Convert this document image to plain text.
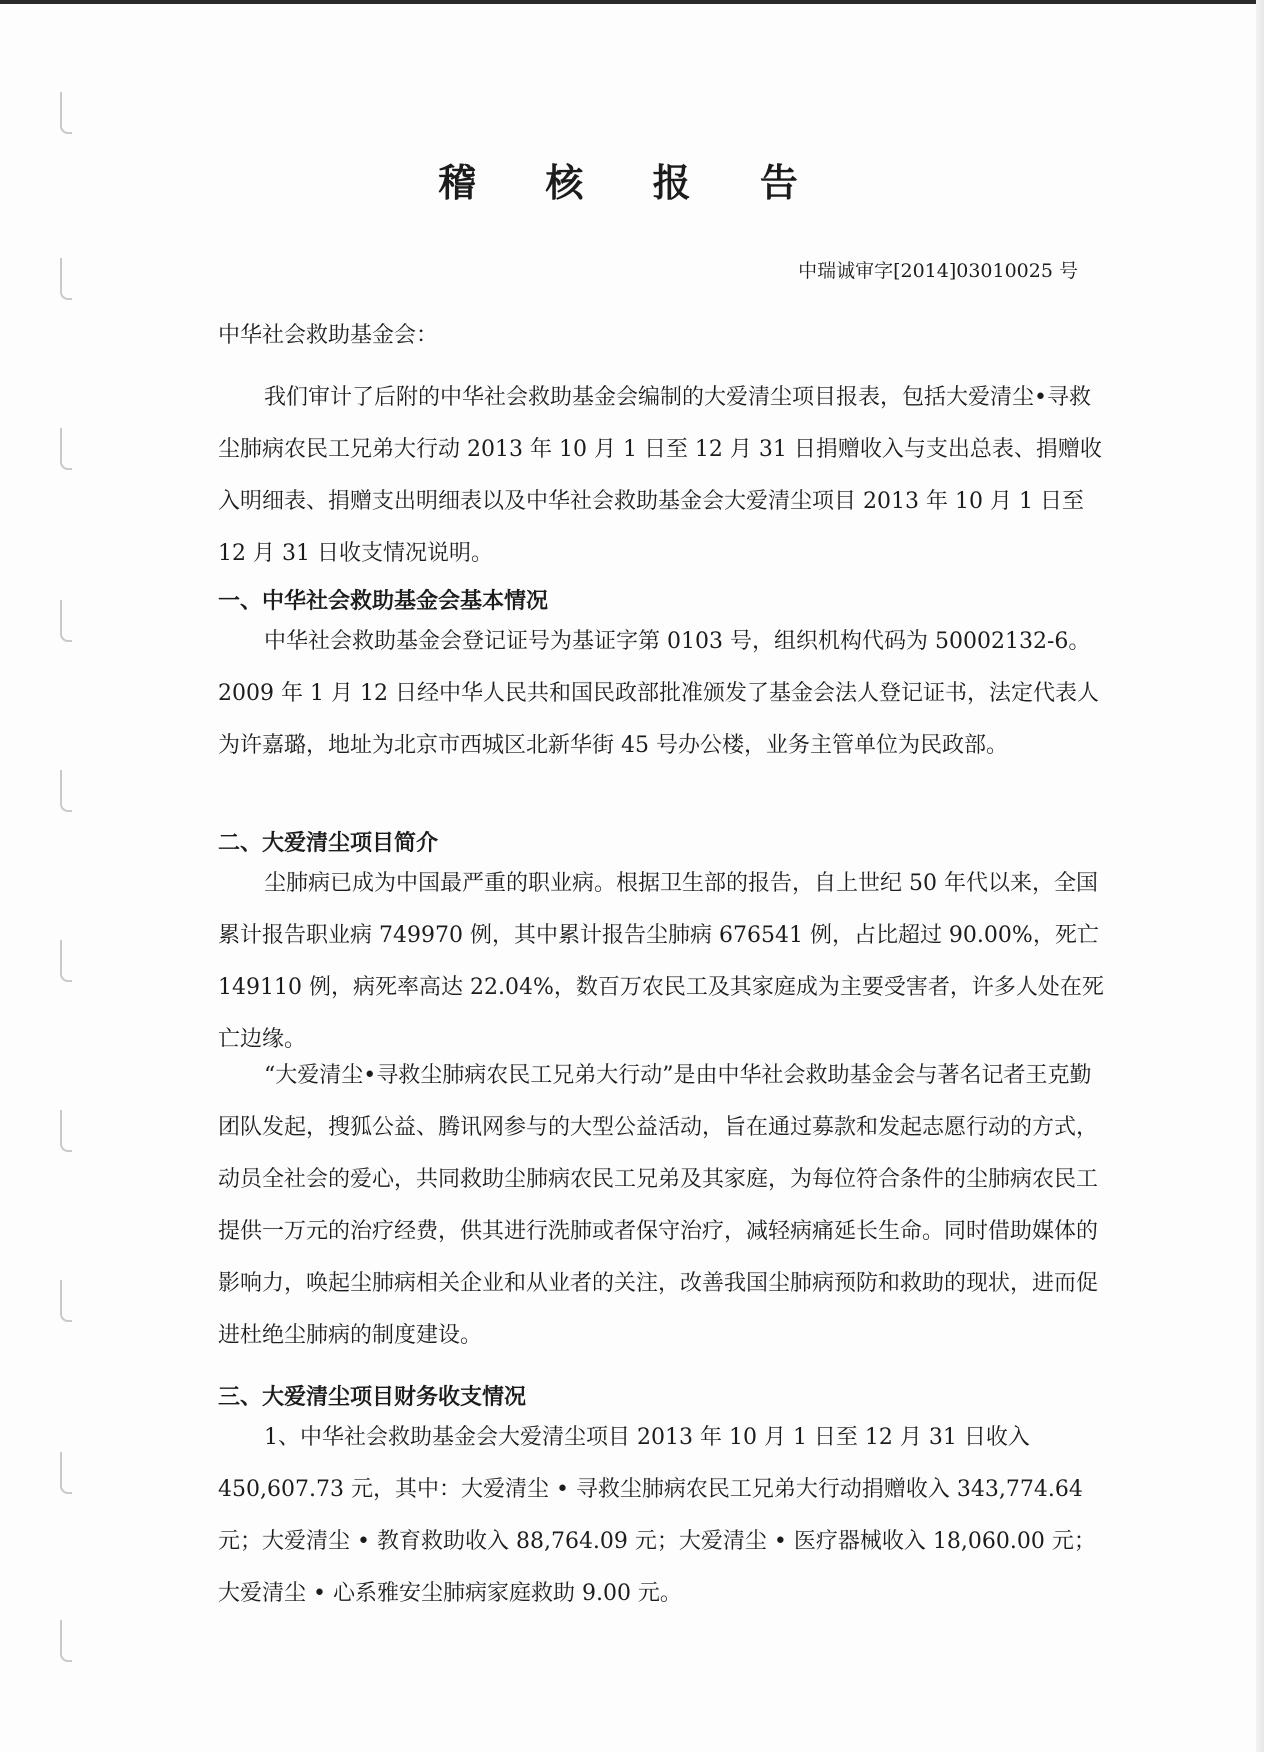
稽 核 报 告
中瑞诚审字[2014]03010025 号
中华社会救助基金会：

我们审计了后附的中华社会救助基金会编制的大爱清尘项目报表，包括大爱清尘•寻救尘肺病农民工兄弟大行动 2013 年 10 月 1 日至 12 月 31 日捐赠收入与支出总表、捐赠收入明细表、捐赠支出明细表以及中华社会救助基金会大爱清尘项目 2013 年 10 月 1 日至 12 月 31 日收支情况说明。

一、中华社会救助基金会基本情况

中华社会救助基金会登记证号为基证字第 0103 号，组织机构代码为 50002132-6。2009 年 1 月 12 日经中华人民共和国民政部批准颁发了基金会法人登记证书，法定代表人为许嘉璐，地址为北京市西城区北新华街 45 号办公楼，业务主管单位为民政部。

二、大爱清尘项目简介

尘肺病已成为中国最严重的职业病。根据卫生部的报告，自上世纪 50 年代以来，全国累计报告职业病 749970 例，其中累计报告尘肺病 676541 例，占比超过 90.00%，死亡 149110 例，病死率高达 22.04%，数百万农民工及其家庭成为主要受害者，许多人处在死亡边缘。

“大爱清尘•寻救尘肺病农民工兄弟大行动”是由中华社会救助基金会与著名记者王克勤团队发起，搜狐公益、腾讯网参与的大型公益活动，旨在通过募款和发起志愿行动的方式，动员全社会的爱心，共同救助尘肺病农民工兄弟及其家庭，为每位符合条件的尘肺病农民工提供一万元的治疗经费，供其进行洗肺或者保守治疗，减轻病痛延长生命。同时借助媒体的影响力，唤起尘肺病相关企业和从业者的关注，改善我国尘肺病预防和救助的现状，进而促进杜绝尘肺病的制度建设。

三、大爱清尘项目财务收支情况

1、中华社会救助基金会大爱清尘项目 2013 年 10 月 1 日至 12 月 31 日收入 450,607.73 元，其中：大爱清尘 • 寻救尘肺病农民工兄弟大行动捐赠收入 343,774.64 元；大爱清尘 • 教育救助收入 88,764.09 元；大爱清尘 • 医疗器械收入 18,060.00 元；大爱清尘 • 心系雅安尘肺病家庭救助 9.00 元。
